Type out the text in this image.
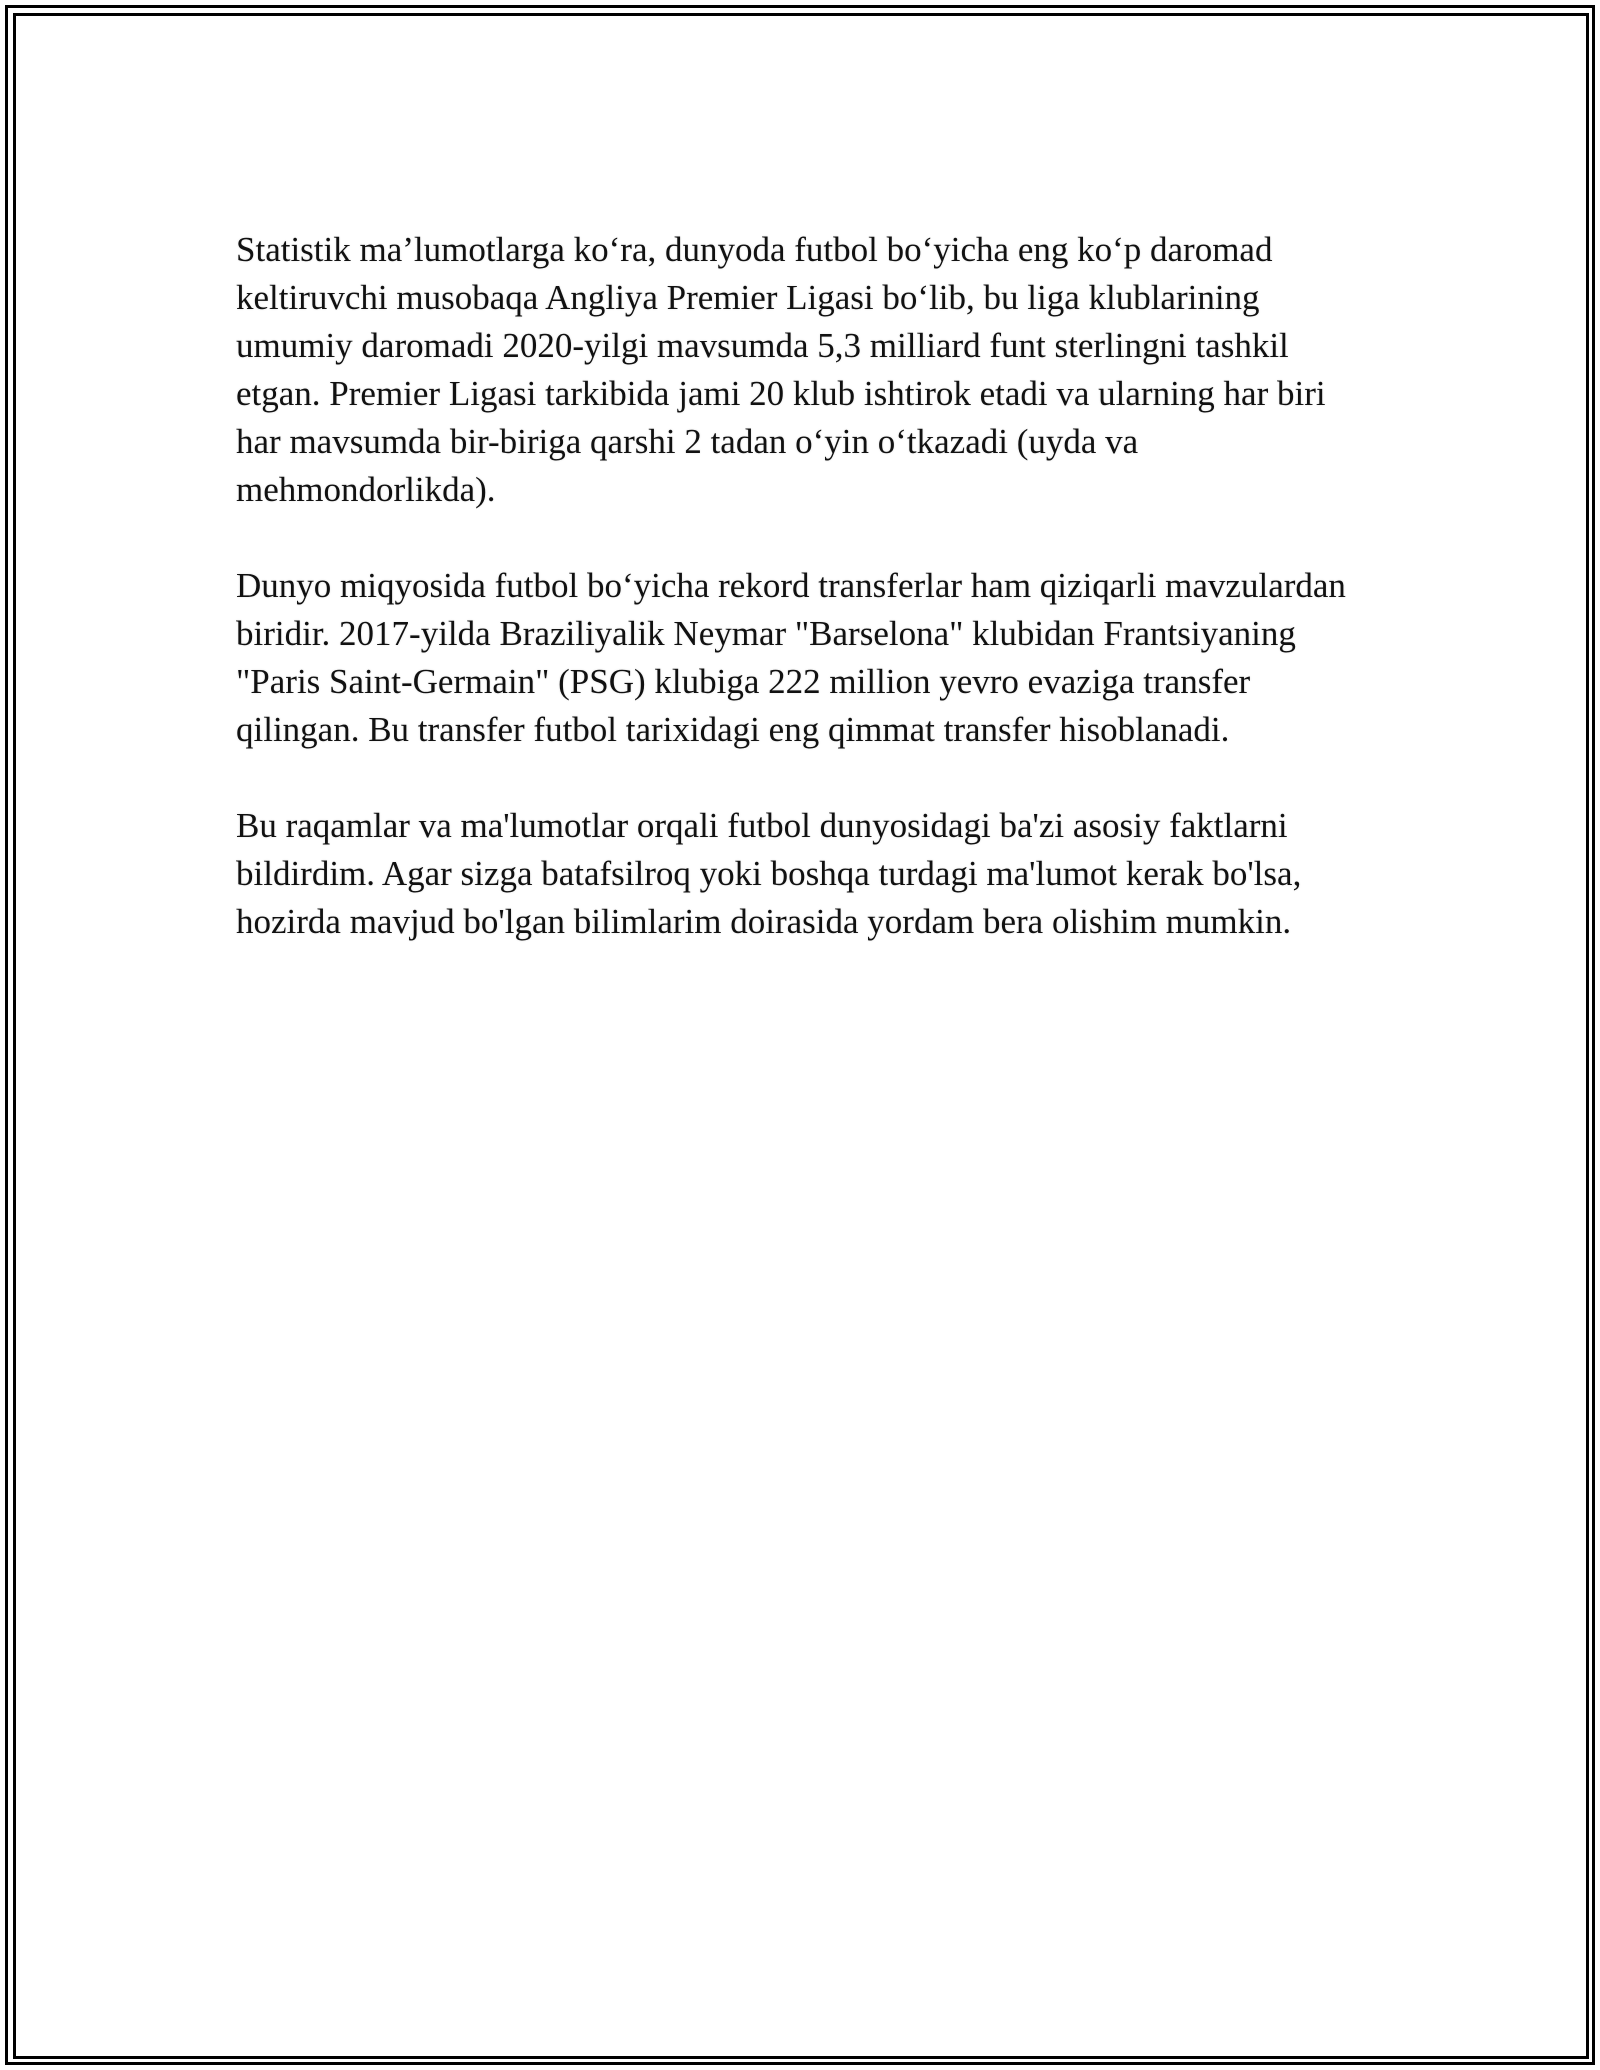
Statistik ma’lumotlarga ko‘ra, dunyoda futbol bo‘yicha eng ko‘p daromad keltiruvchi musobaqa Angliya Premier Ligasi bo‘lib, bu liga klublarining umumiy daromadi 2020-yilgi mavsumda 5,3 milliard funt sterlingni tashkil etgan. Premier Ligasi tarkibida jami 20 klub ishtirok etadi va ularning har biri har mavsumda bir-biriga qarshi 2 tadan o‘yin o‘tkazadi (uyda va mehmondorlikda).

Dunyo miqyosida futbol bo‘yicha rekord transferlar ham qiziqarli mavzulardan biridir. 2017-yilda Braziliyalik Neymar "Barselona" klubidan Frantsiyaning "Paris Saint-Germain" (PSG) klubiga 222 million yevro evaziga transfer qilingan. Bu transfer futbol tarixidagi eng qimmat transfer hisoblanadi.

Bu raqamlar va ma'lumotlar orqali futbol dunyosidagi ba'zi asosiy faktlarni bildirdim. Agar sizga batafsilroq yoki boshqa turdagi ma'lumot kerak bo'lsa, hozirda mavjud bo'lgan bilimlarim doirasida yordam bera olishim mumkin.
